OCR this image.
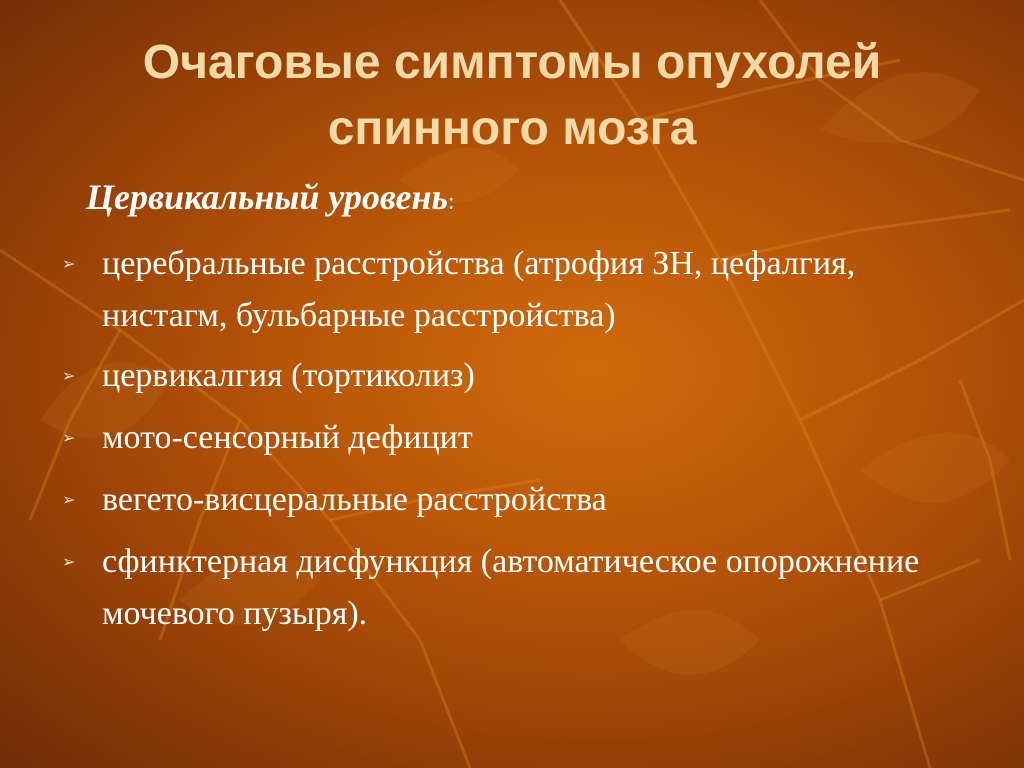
Очаговые симптомы опухолей спинного мозга

Цервикальный уровень:

➢ церебральные расстройства (атрофия ЗН, цефалгия, нистагм, бульбарные расстройства)
➢ цервикалгия (тортиколиз)
➢ мото-сенсорный дефицит
➢ вегето-висцеральные расстройства
➢ сфинктерная дисфункция (автоматическое опорожнение мочевого пузыря).
